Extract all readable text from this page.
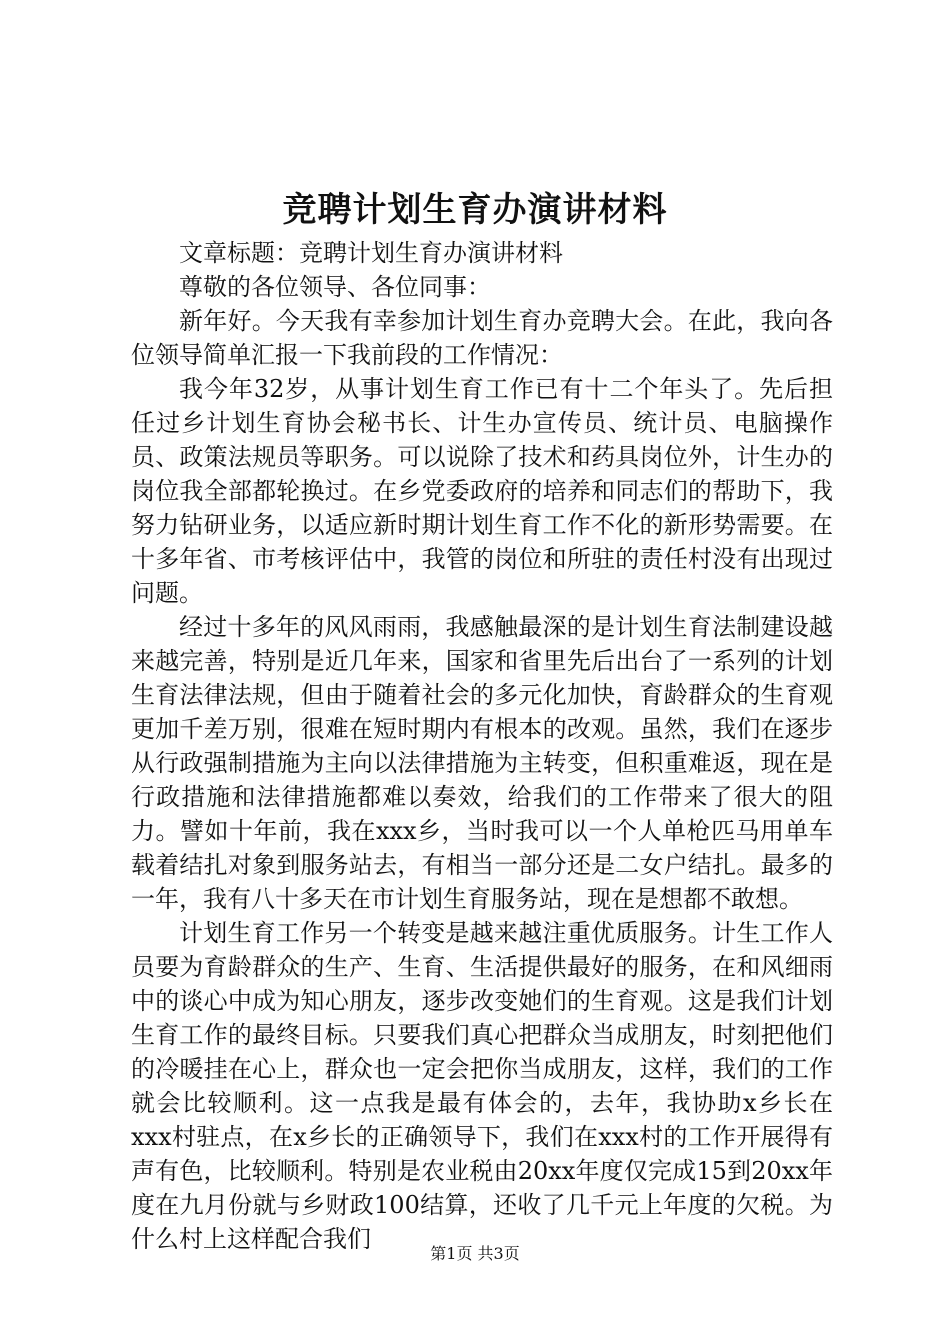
竞聘计划生育办演讲材料

文章标题：竞聘计划生育办演讲材料

尊敬的各位领导、各位同事：

新年好。今天我有幸参加计划生育办竞聘大会。在此，我向各位领导简单汇报一下我前段的工作情况：

我今年32岁，从事计划生育工作已有十二个年头了。先后担任过乡计划生育协会秘书长、计生办宣传员、统计员、电脑操作员、政策法规员等职务。可以说除了技术和药具岗位外，计生办的岗位我全部都轮换过。在乡党委政府的培养和同志们的帮助下，我努力钻研业务，以适应新时期计划生育工作不化的新形势需要。在十多年省、市考核评估中，我管的岗位和所驻的责任村没有出现过问题。

经过十多年的风风雨雨，我感触最深的是计划生育法制建设越来越完善，特别是近几年来，国家和省里先后出台了一系列的计划生育法律法规，但由于随着社会的多元化加快，育龄群众的生育观更加千差万别，很难在短时期内有根本的改观。虽然，我们在逐步从行政强制措施为主向以法律措施为主转变，但积重难返，现在是行政措施和法律措施都难以奏效，给我们的工作带来了很大的阻力。譬如十年前，我在xxx乡，当时我可以一个人单枪匹马用单车载着结扎对象到服务站去，有相当一部分还是二女户结扎。最多的一年，我有八十多天在市计划生育服务站，现在是想都不敢想。

计划生育工作另一个转变是越来越注重优质服务。计生工作人员要为育龄群众的生产、生育、生活提供最好的服务，在和风细雨中的谈心中成为知心朋友，逐步改变她们的生育观。这是我们计划生育工作的最终目标。只要我们真心把群众当成朋友，时刻把他们的冷暖挂在心上，群众也一定会把你当成朋友，这样，我们的工作就会比较顺利。这一点我是最有体会的，去年，我协助x乡长在xxx村驻点，在x乡长的正确领导下，我们在xxx村的工作开展得有声有色，比较顺利。特别是农业税由20xx年度仅完成15到20xx年度在九月份就与乡财政100结算，还收了几千元上年度的欠税。为什么村上这样配合我们

第1页 共3页
